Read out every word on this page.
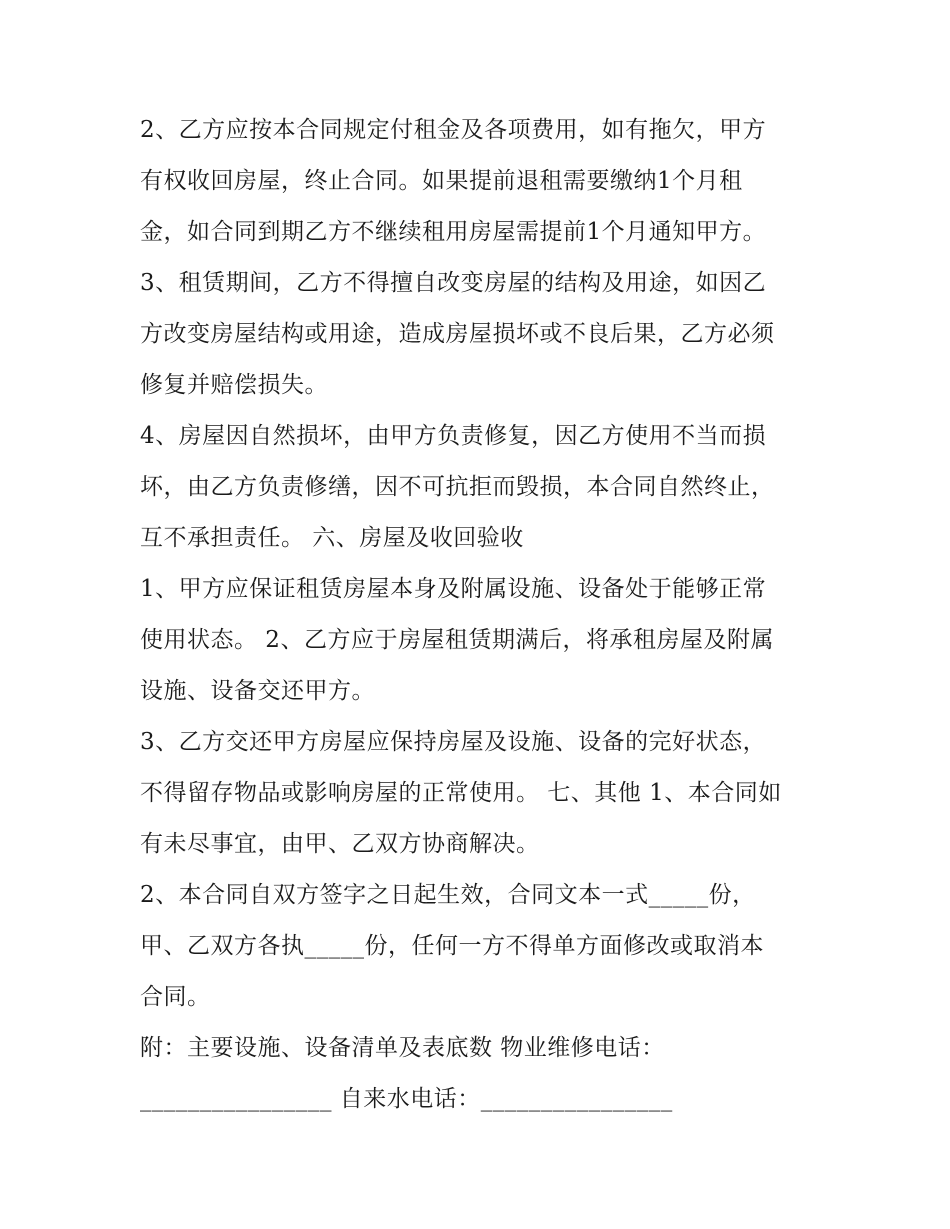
2、乙方应按本合同规定付租金及各项费用，如有拖欠，甲方
有权收回房屋，终止合同。如果提前退租需要缴纳1个月租
金，如合同到期乙方不继续租用房屋需提前1个月通知甲方。
3、租赁期间，乙方不得擅自改变房屋的结构及用途，如因乙
方改变房屋结构或用途，造成房屋损坏或不良后果，乙方必须
修复并赔偿损失。
4、房屋因自然损坏，由甲方负责修复，因乙方使用不当而损
坏，由乙方负责修缮，因不可抗拒而毁损，本合同自然终止，
互不承担责任。 六、房屋及收回验收
1、甲方应保证租赁房屋本身及附属设施、设备处于能够正常
使用状态。 2、乙方应于房屋租赁期满后，将承租房屋及附属
设施、设备交还甲方。
3、乙方交还甲方房屋应保持房屋及设施、设备的完好状态，
不得留存物品或影响房屋的正常使用。 七、其他 1、本合同如
有未尽事宜，由甲、乙双方协商解决。
2、本合同自双方签字之日起生效，合同文本一式_____份，
甲、乙双方各执_____份，任何一方不得单方面修改或取消本
合同。
附：主要设施、设备清单及表底数 物业维修电话：
________________ 自来水电话：________________
